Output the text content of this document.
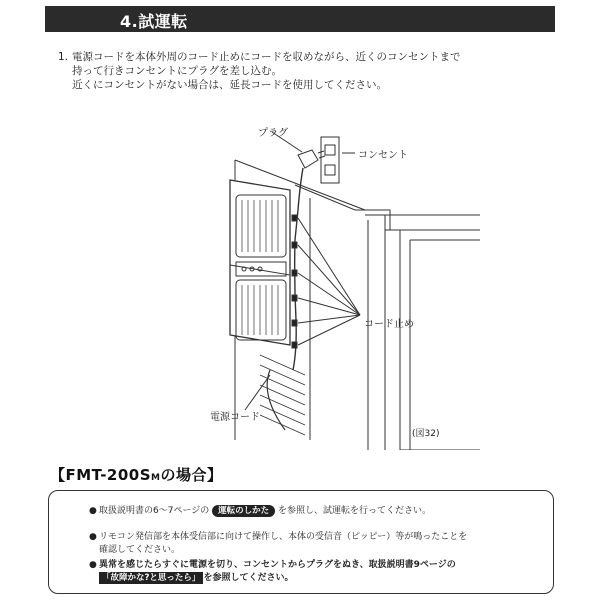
4.試運転
1. 電源コードを本体外周のコード止めにコードを収めながら、近くのコンセントまで
持って行きコンセントにプラグを差し込む。
近くにコンセントがない場合は、延長コードを使用してください。
プラグ
コンセント
コード止め
電源コード
(図32)
【FMT-200SMの場合】
● 取扱説明書の6〜7ページの 運転のしかた を参照し、試運転を行ってください。
● リモコン発信部を本体受信部に向けて操作し、本体の受信音（ピッピー）等が鳴ったことを
確認してください。
● 異常を感じたらすぐに電源を切り、コンセントからプラグをぬき、取扱説明書9ページの
「故障かな?と思ったら」 を参照してください。
